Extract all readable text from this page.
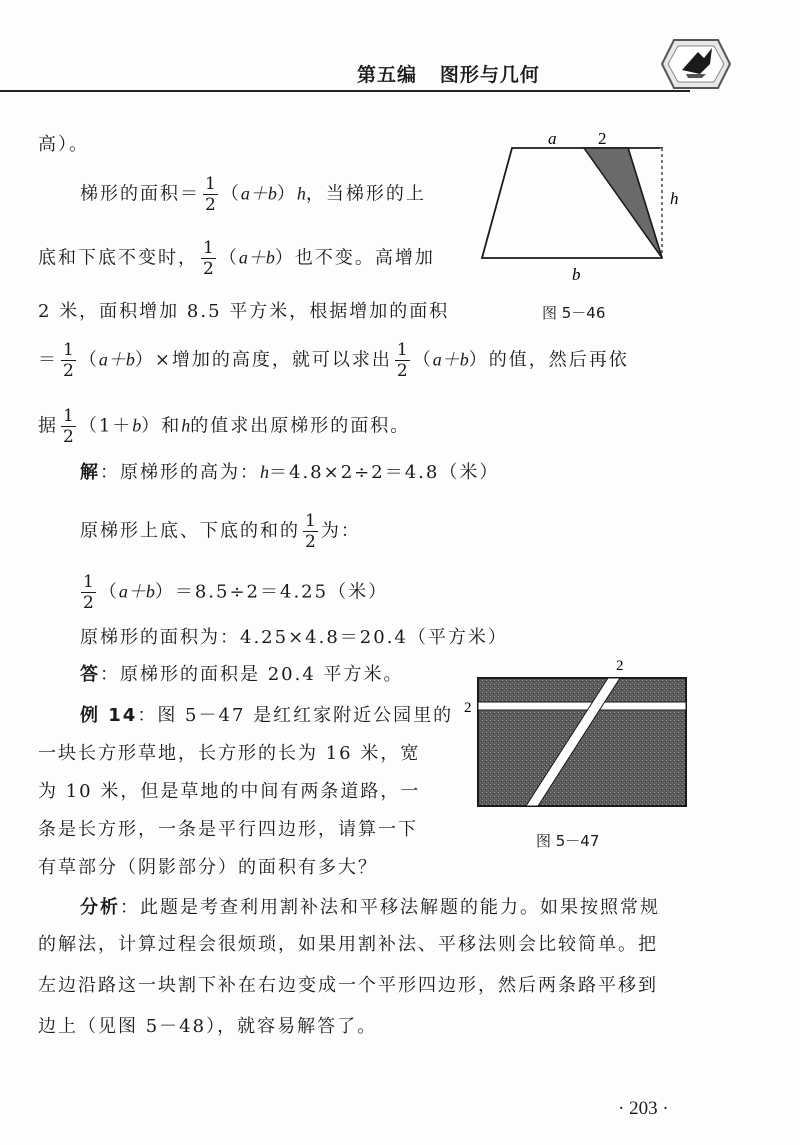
第五编 图形与几何
a 2
h
b
图 5－46
高）。
梯形的面积＝ $\frac{1}{2} (a+b)h$，当梯形的上
底和下底不变时， $\frac{1}{2} (a+b)$也不变。高增加
2 米，面积增加 8.5 平方米，根据增加的面积
＝ $\frac{1}{2} (a+b)\times$增加的高度，就可以求出 $\frac{1}{2} (a+b)$的值，然后再依
据 $\frac{1}{2} (1+b)$和h的值求出原梯形的面积。
解：原梯形的高为：h＝4.8×2÷2＝4.8（米）
原梯形上底、下底的和的 $\frac{1}{2}$ 为：
$\frac{1}{2} (a+b)=8.5\div 2=4.25$（米）
原梯形的面积为：4.25×4.8＝20.4（平方米）
答：原梯形的面积是 20.4 平方米。
例 14：图 5－47 是红红家附近公园里的
一块长方形草地，长方形的长为 16 米，宽
为 10 米，但是草地的中间有两条道路，一
条是长方形，一条是平行四边形，请算一下
有草部分（阴影部分）的面积有多大？
2
2
图 5－47
分析：此题是考查利用割补法和平移法解题的能力。如果按照常规
的解法，计算过程会很烦琐，如果用割补法、平移法则会比较简单。把
左边沿路这一块割下补在右边变成一个平形四边形，然后两条路平移到
边上（见图 5－48），就容易解答了。
· 203 ·
